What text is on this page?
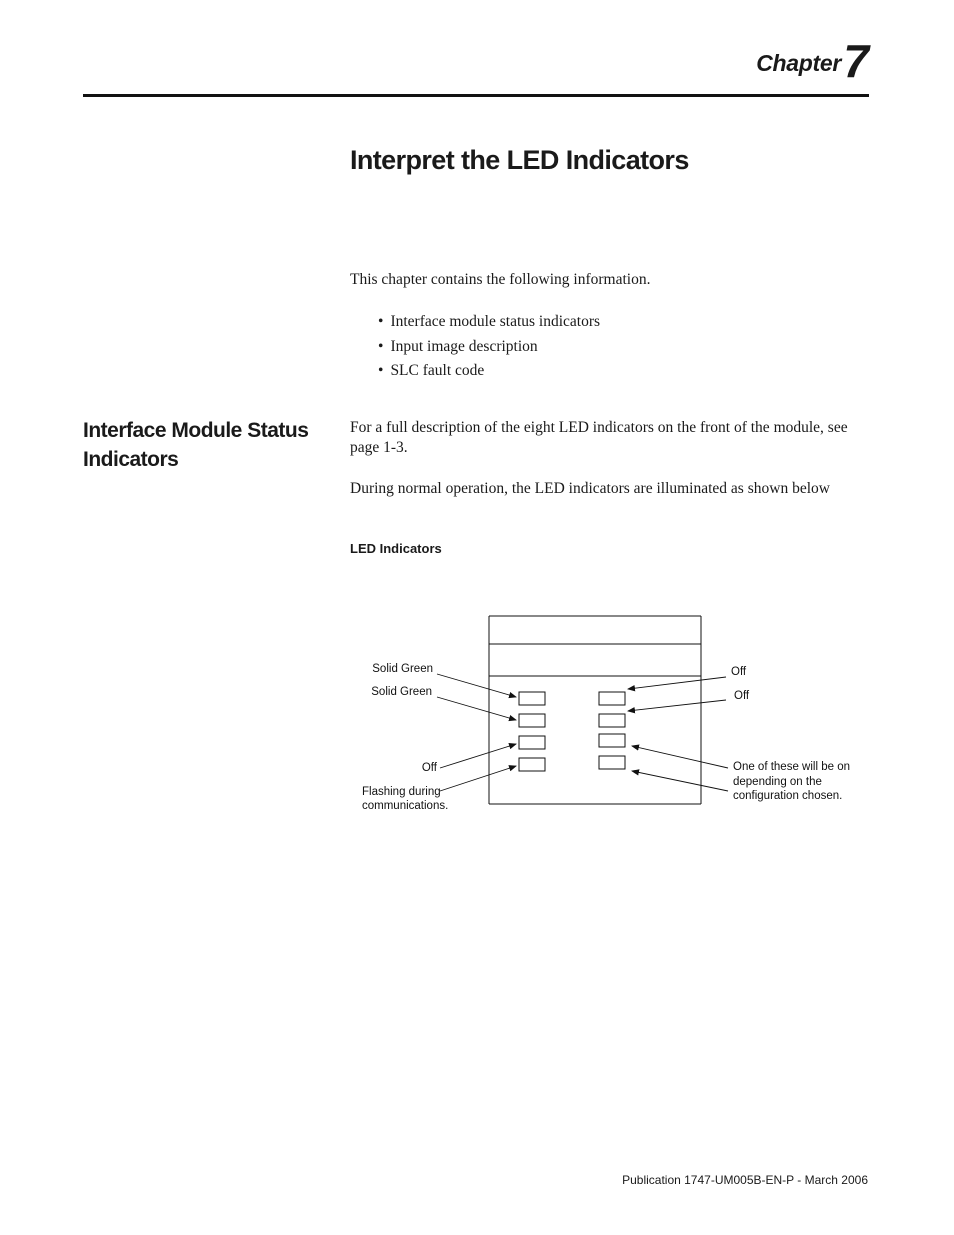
Chapter 7
Interpret the LED Indicators

This chapter contains the following information.

• Interface module status indicators
• Input image description
• SLC fault code
Interface Module Status Indicators

For a full description of the eight LED indicators on the front of the module, see page 1-3.

During normal operation, the LED indicators are illuminated as shown below

LED Indicators

Solid Green
Solid Green
Off
Flashing during
communications.
Off
Off
One of these will be on
depending on the
configuration chosen.
Publication 1747-UM005B-EN-P - March 2006
